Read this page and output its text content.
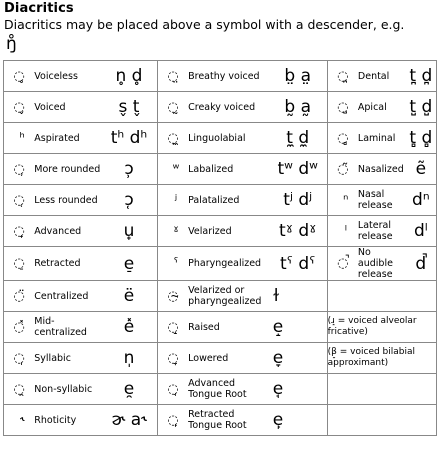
Diacritics
Diacritics may be placed above a symbol with a descender, e.g.
ŋ̊
◌̥	Voiceless	n̥ d̥	◌̤	Breathy voiced	b̤ a̤	◌̪	Dental	t̪ d̪
◌̬	Voiced	s̬ t̬	◌̰	Creaky voiced	b̰ a̰	◌̺	Apical	t̺ d̺
ʰ	Aspirated	tʰ dʰ	◌̼	Linguolabial	t̼ d̼	◌̻	Laminal	t̻ d̻
◌̹	More rounded	ɔ̹	ʷ	Labalized	tʷ dʷ	◌̃	Nasalized	ẽ
◌̜	Less rounded	ɔ̜	ʲ	Palatalized	tʲ dʲ	ⁿ	Nasal release	dⁿ
◌̟	Advanced	u̟	ˠ	Velarized	tˠ dˠ	ˡ	Lateral release	dˡ
◌̠	Retracted	e̠	ˤ	Pharyngealized	tˤ dˤ	◌̚	No audible release	d̚
◌̈	Centralized	ë	◌̴	Velarized or pharyngealized	ɫ			
◌̽	Mid-centralized	e̽	◌̝	Raised	e̝	(ɹ̝ = voiced alveolar fricative)		
◌̩	Syllabic	n̩	◌̞	Lowered	e̞	(β̞ = voiced bilabial approximant)		
◌̯	Non-syllabic	e̯	◌̘	Advanced Tongue Root	e̘			
˞	Rhoticity	ɚ a˞	◌̙	Retracted Tongue Root	e̙			
